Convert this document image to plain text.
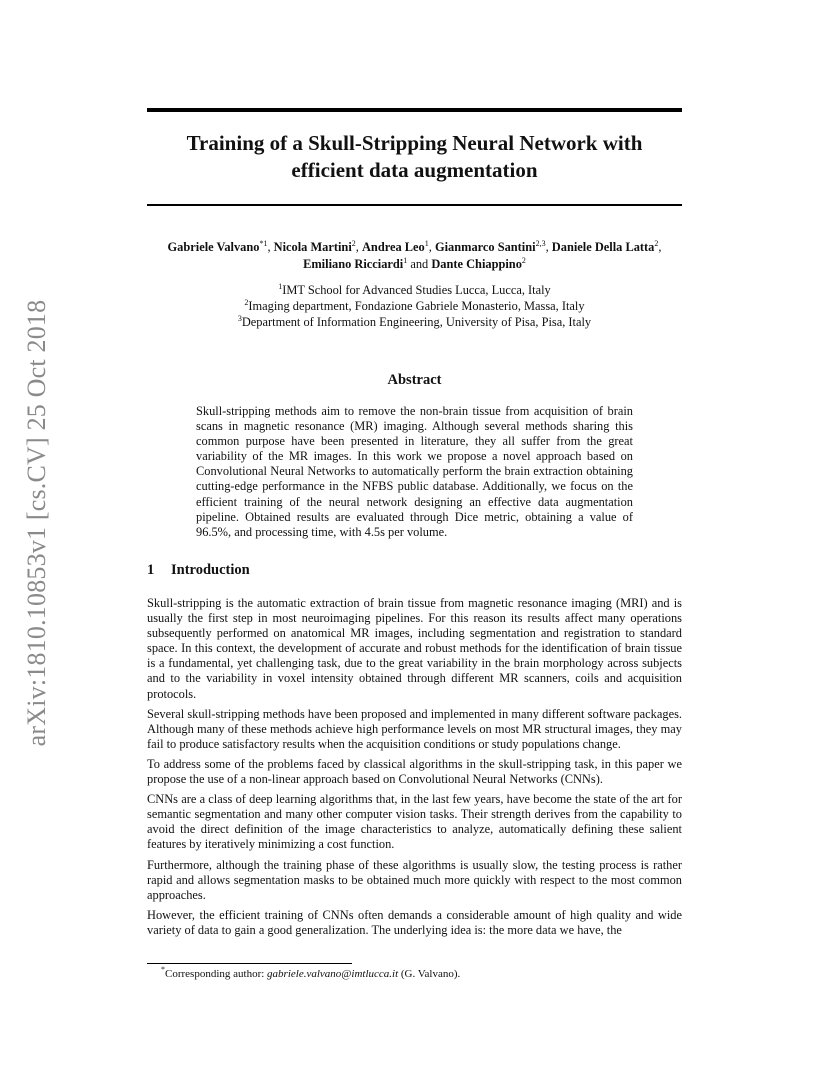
arXiv:1810.10853v1 [cs.CV] 25 Oct 2018
Training of a Skull-Stripping Neural Network with
efficient data augmentation
Gabriele Valvano$^{*1}$, Nicola Martini$^2$, Andrea Leo$^1$, Gianmarco Santini$^{2,3}$, Daniele Della Latta$^2$, Emiliano Ricciardi$^1$ and Dante Chiappino$^2$
$^1$IMT School for Advanced Studies Lucca, Lucca, Italy
$^2$Imaging department, Fondazione Gabriele Monasterio, Massa, Italy
$^3$Department of Information Engineering, University of Pisa, Pisa, Italy
Abstract
Skull-stripping methods aim to remove the non-brain tissue from acquisition of brain scans in magnetic resonance (MR) imaging. Although several methods sharing this common purpose have been presented in literature, they all suffer from the great variability of the MR images. In this work we propose a novel approach based on Convolutional Neural Networks to automatically perform the brain extraction obtaining cutting-edge performance in the NFBS public database. Additionally, we focus on the efficient training of the neural network designing an effective data augmentation pipeline. Obtained results are evaluated through Dice metric, obtaining a value of 96.5%, and processing time, with 4.5s per volume.
1 Introduction

Skull-stripping is the automatic extraction of brain tissue from magnetic resonance imaging (MRI) and is usually the first step in most neuroimaging pipelines. For this reason its results affect many operations subsequently performed on anatomical MR images, including segmentation and registration to standard space. In this context, the development of accurate and robust methods for the identification of brain tissue is a fundamental, yet challenging task, due to the great variability in the brain morphology across subjects and to the variability in voxel intensity obtained through different MR scanners, coils and acquisition protocols.

Several skull-stripping methods have been proposed and implemented in many different software packages. Although many of these methods achieve high performance levels on most MR structural images, they may fail to produce satisfactory results when the acquisition conditions or study populations change.

To address some of the problems faced by classical algorithms in the skull-stripping task, in this paper we propose the use of a non-linear approach based on Convolutional Neural Networks (CNNs).

CNNs are a class of deep learning algorithms that, in the last few years, have become the state of the art for semantic segmentation and many other computer vision tasks. Their strength derives from the capability to avoid the direct definition of the image characteristics to analyze, automatically defining these salient features by iteratively minimizing a cost function.

Furthermore, although the training phase of these algorithms is usually slow, the testing process is rather rapid and allows segmentation masks to be obtained much more quickly with respect to the most common approaches.

However, the efficient training of CNNs often demands a considerable amount of high quality and wide variety of data to gain a good generalization. The underlying idea is: the more data we have, the

*Corresponding author: gabriele.valvano@imtlucca.it (G. Valvano).
